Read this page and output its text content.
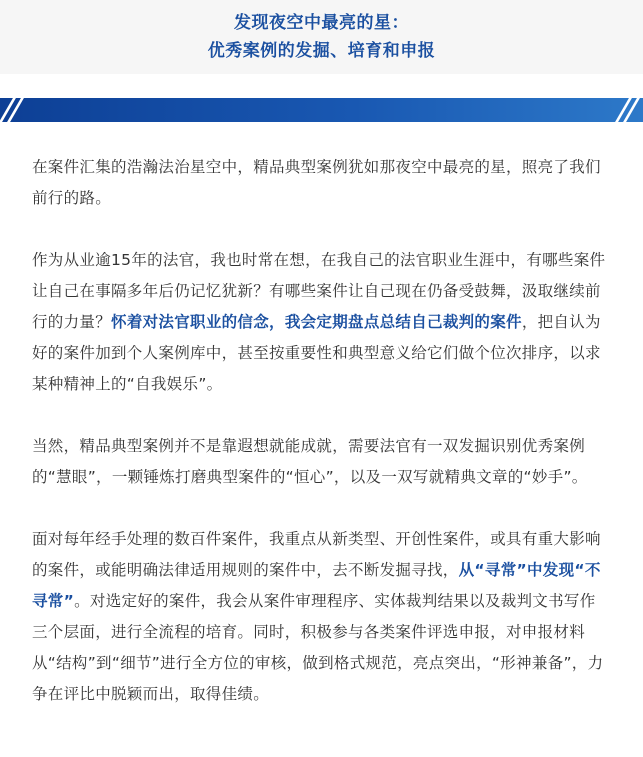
发现夜空中最亮的星：
优秀案例的发掘、培育和申报

在案件汇集的浩瀚法治星空中，精品典型案例犹如那夜空中最亮的星，照亮了我们前行的路。

作为从业逾15年的法官，我也时常在想，在我自己的法官职业生涯中，有哪些案件让自己在事隔多年后仍记忆犹新？有哪些案件让自己现在仍备受鼓舞，汲取继续前行的力量？怀着对法官职业的信念，我会定期盘点总结自己裁判的案件，把自认为好的案件加到个人案例库中，甚至按重要性和典型意义给它们做个位次排序，以求某种精神上的“自我娱乐”。

当然，精品典型案例并不是靠遐想就能成就，需要法官有一双发掘识别优秀案例的“慧眼”，一颗锤炼打磨典型案件的“恒心”，以及一双写就精典文章的“妙手”。

面对每年经手处理的数百件案件，我重点从新类型、开创性案件，或具有重大影响的案件，或能明确法律适用规则的案件中，去不断发掘寻找，从“寻常”中发现“不寻常”。对选定好的案件，我会从案件审理程序、实体裁判结果以及裁判文书写作三个层面，进行全流程的培育。同时，积极参与各类案件评选申报，对申报材料从“结构”到“细节”进行全方位的审核，做到格式规范，亮点突出，“形神兼备”，力争在评比中脱颖而出，取得佳绩。
